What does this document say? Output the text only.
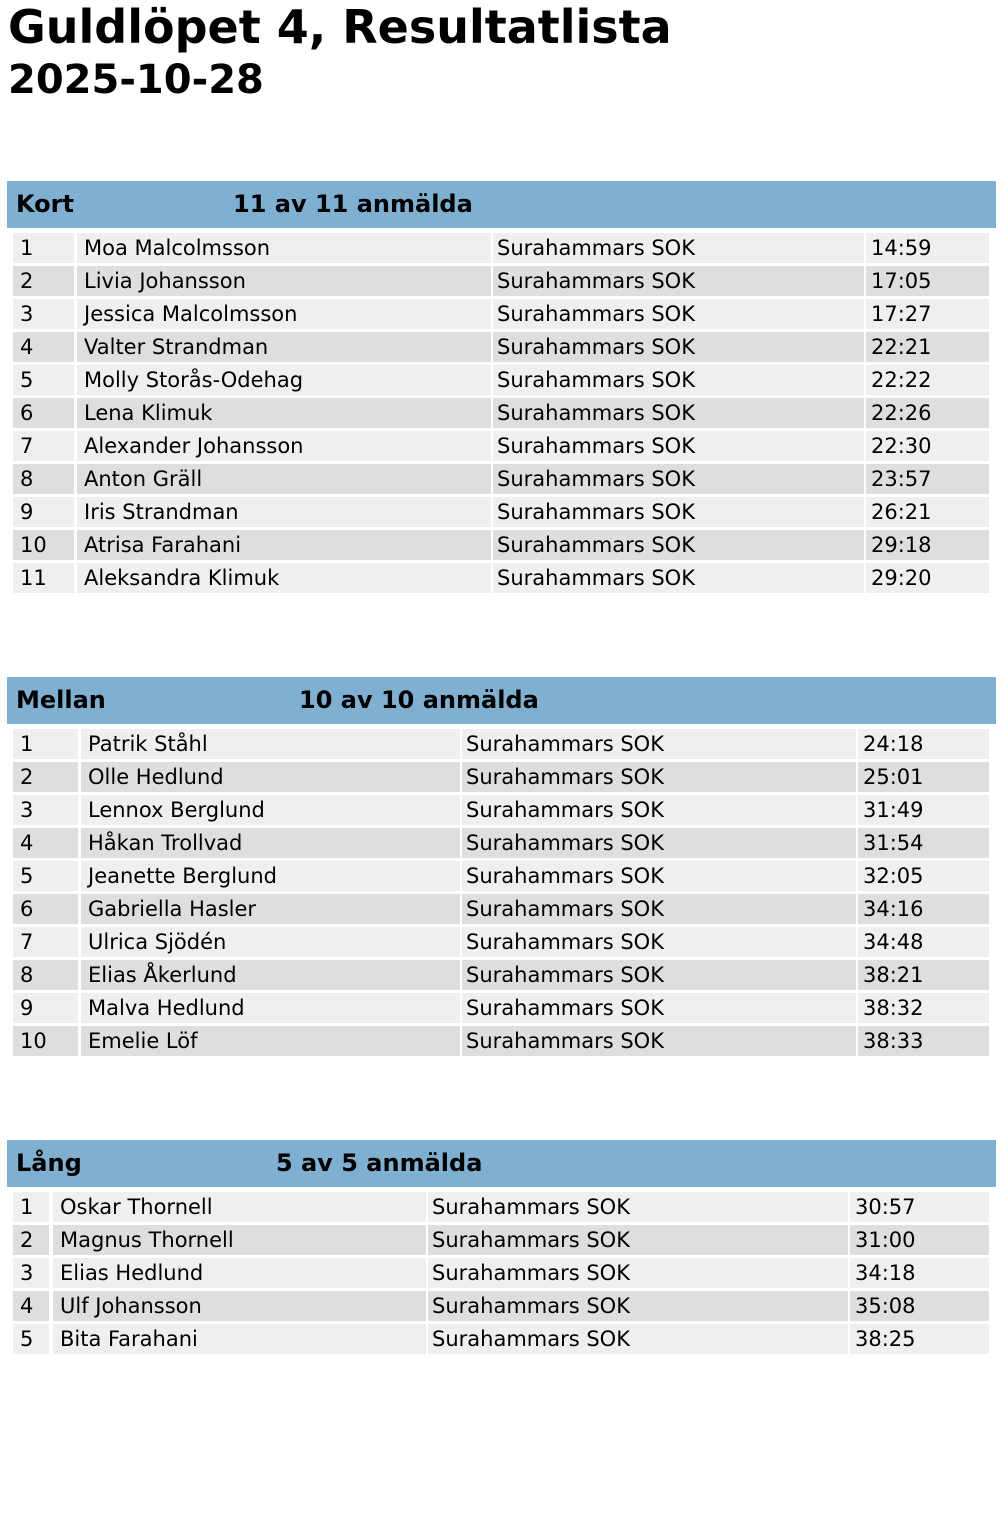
Guldlöpet 4, Resultatlista
2025-10-28
Kort	11 av 11 anmälda
1	Moa Malcolmsson	Surahammars SOK	14:59
2	Livia Johansson	Surahammars SOK	17:05
3	Jessica Malcolmsson	Surahammars SOK	17:27
4	Valter Strandman	Surahammars SOK	22:21
5	Molly Storås-Odehag	Surahammars SOK	22:22
6	Lena Klimuk	Surahammars SOK	22:26
7	Alexander Johansson	Surahammars SOK	22:30
8	Anton Gräll	Surahammars SOK	23:57
9	Iris Strandman	Surahammars SOK	26:21
10	Atrisa Farahani	Surahammars SOK	29:18
11	Aleksandra Klimuk	Surahammars SOK	29:20
Mellan	10 av 10 anmälda
1	Patrik Ståhl	Surahammars SOK	24:18
2	Olle Hedlund	Surahammars SOK	25:01
3	Lennox Berglund	Surahammars SOK	31:49
4	Håkan Trollvad	Surahammars SOK	31:54
5	Jeanette Berglund	Surahammars SOK	32:05
6	Gabriella Hasler	Surahammars SOK	34:16
7	Ulrica Sjödén	Surahammars SOK	34:48
8	Elias Åkerlund	Surahammars SOK	38:21
9	Malva Hedlund	Surahammars SOK	38:32
10	Emelie Löf	Surahammars SOK	38:33
Lång	5 av 5 anmälda
1	Oskar Thornell	Surahammars SOK	30:57
2	Magnus Thornell	Surahammars SOK	31:00
3	Elias Hedlund	Surahammars SOK	34:18
4	Ulf Johansson	Surahammars SOK	35:08
5	Bita Farahani	Surahammars SOK	38:25
